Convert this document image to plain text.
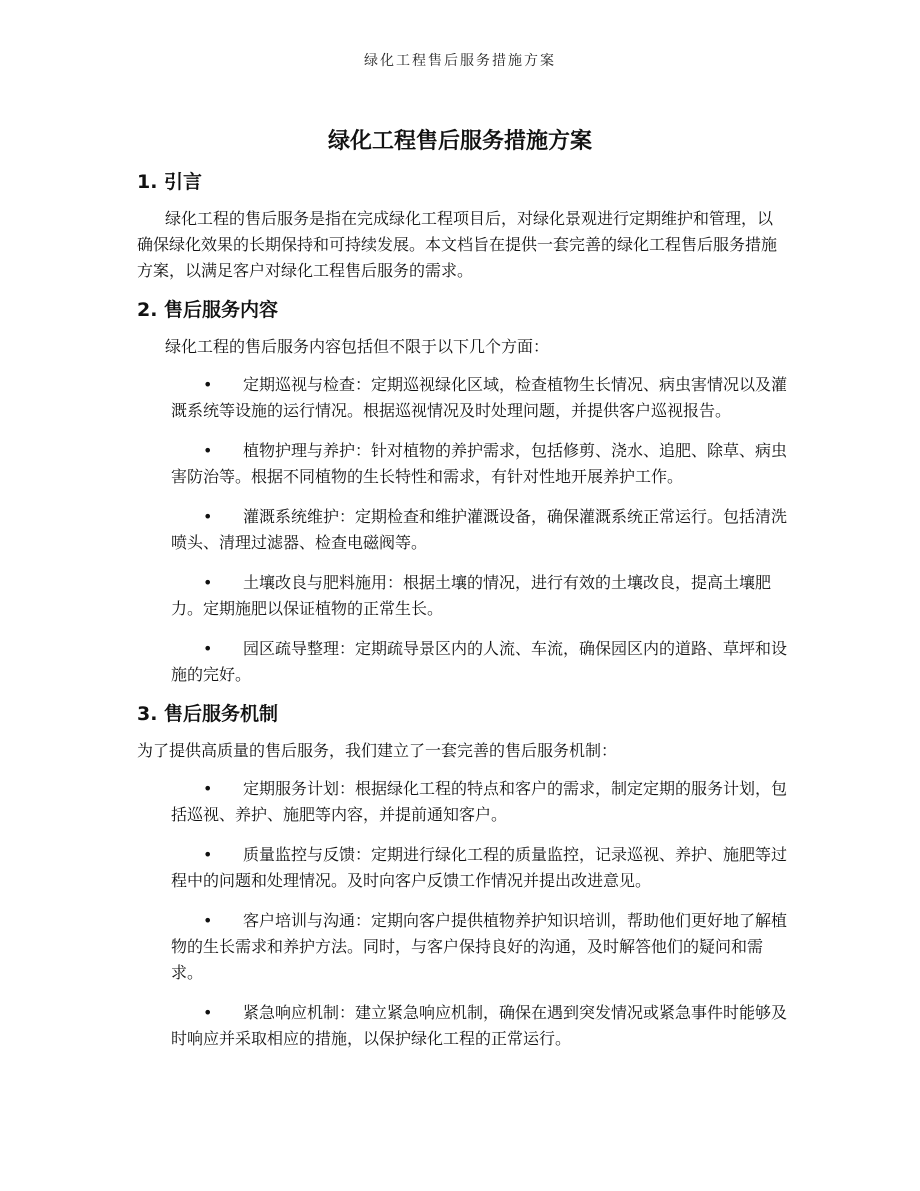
绿化工程售后服务措施方案
绿化工程售后服务措施方案
1. 引言

绿化工程的售后服务是指在完成绿化工程项目后，对绿化景观进行定期维护和管理，以确保绿化效果的长期保持和可持续发展。本文档旨在提供一套完善的绿化工程售后服务措施方案，以满足客户对绿化工程售后服务的需求。

2. 售后服务内容

绿化工程的售后服务内容包括但不限于以下几个方面：

•	定期巡视与检查：定期巡视绿化区域，检查植物生长情况、病虫害情况以及灌溉系统等设施的运行情况。根据巡视情况及时处理问题，并提供客户巡视报告。
•	植物护理与养护：针对植物的养护需求，包括修剪、浇水、追肥、除草、病虫害防治等。根据不同植物的生长特性和需求，有针对性地开展养护工作。
•	灌溉系统维护：定期检查和维护灌溉设备，确保灌溉系统正常运行。包括清洗喷头、清理过滤器、检查电磁阀等。
•	土壤改良与肥料施用：根据土壤的情况，进行有效的土壤改良，提高土壤肥力。定期施肥以保证植物的正常生长。
•	园区疏导整理：定期疏导景区内的人流、车流，确保园区内的道路、草坪和设施的完好。
3. 售后服务机制

为了提供高质量的售后服务，我们建立了一套完善的售后服务机制：

•	定期服务计划：根据绿化工程的特点和客户的需求，制定定期的服务计划，包括巡视、养护、施肥等内容，并提前通知客户。
•	质量监控与反馈：定期进行绿化工程的质量监控，记录巡视、养护、施肥等过程中的问题和处理情况。及时向客户反馈工作情况并提出改进意见。
•	客户培训与沟通：定期向客户提供植物养护知识培训，帮助他们更好地了解植物的生长需求和养护方法。同时，与客户保持良好的沟通，及时解答他们的疑问和需求。
•	紧急响应机制：建立紧急响应机制，确保在遇到突发情况或紧急事件时能够及时响应并采取相应的措施，以保护绿化工程的正常运行。
